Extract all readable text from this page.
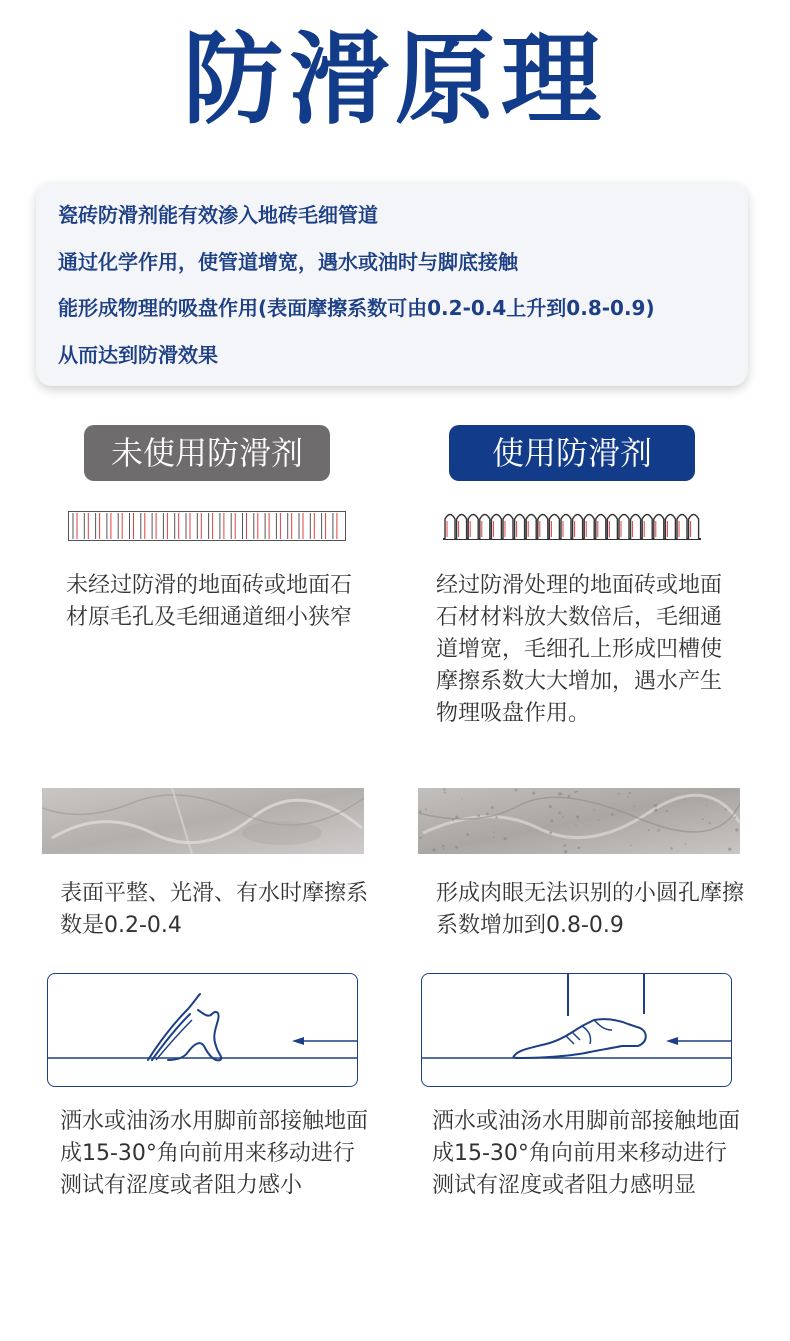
防滑原理
瓷砖防滑剂能有效渗入地砖毛细管道
通过化学作用，使管道增宽，遇水或油时与脚底接触
能形成物理的吸盘作用(表面摩擦系数可由0.2-0.4上升到0.8-0.9)
从而达到防滑效果
未使用防滑剂	使用防滑剂
未经过防滑的地面砖或地面石材原毛孔及毛细通道细小狭窄
经过防滑处理的地面砖或地面石材材料放大数倍后，毛细通道增宽，毛细孔上形成凹槽使摩擦系数大大增加，遇水产生物理吸盘作用。
表面平整、光滑、有水时摩擦系数是0.2-0.4
形成肉眼无法识别的小圆孔摩擦系数增加到0.8-0.9
洒水或油汤水用脚前部接触地面成15-30°角向前用来移动进行测试有涩度或者阻力感小
洒水或油汤水用脚前部接触地面成15-30°角向前用来移动进行测试有涩度或者阻力感明显
